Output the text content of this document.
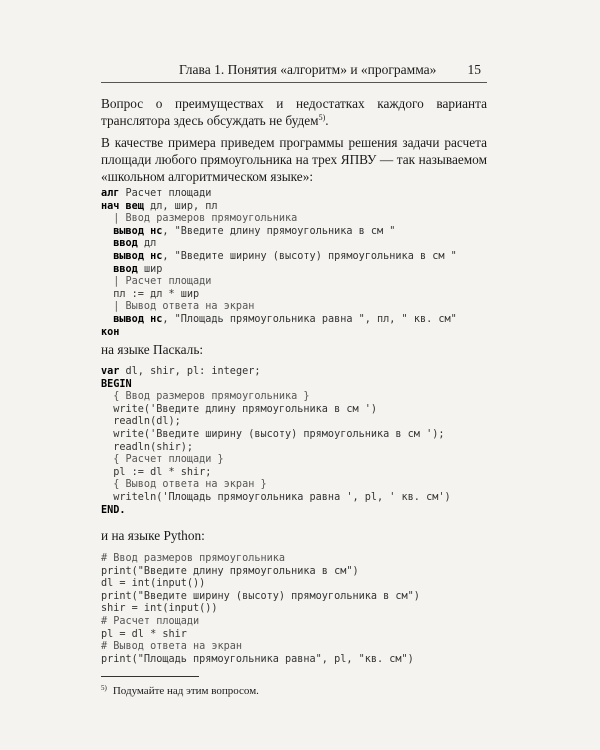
Глава 1. Понятия «алгоритм» и «программа» 15

Вопрос о преимуществах и недостатках каждого варианта транслятора здесь обсуждать не будем$^{5)}$.

В качестве примера приведем программы решения задачи расчета площади любого прямоугольника на трех ЯПВУ — так называемом «школьном алгоритмическом языке»:

алг Расчет площади
нач вещ дл, шир, пл
| Ввод размеров прямоугольника
вывод нс, "Введите длину прямоугольника в см "
ввод дл
вывод нс, "Введите ширину (высоту) прямоугольника в см "
ввод шир
| Расчет площади
пл := дл * шир
| Вывод ответа на экран
вывод нс, "Площадь прямоугольника равна ", пл, " кв. см"
кон
на языке Паскаль:
var dl, shir, pl: integer;
BEGIN
{ Ввод размеров прямоугольника }
write('Введите длину прямоугольника в см ')
readln(dl);
write('Введите ширину (высоту) прямоугольника в см ');
readln(shir);
{ Расчет площади }
pl := dl * shir;
{ Вывод ответа на экран }
writeln('Площадь прямоугольника равна ', pl, ' кв. см')
END.
и на языке Python:
# Ввод размеров прямоугольника
print("Введите длину прямоугольника в см")
dl = int(input())
print("Введите ширину (высоту) прямоугольника в см")
shir = int(input())
# Расчет площади
pl = dl * shir
# Вывод ответа на экран
print("Площадь прямоугольника равна", pl, "кв. см")
$^{5)}$ Подумайте над этим вопросом.
